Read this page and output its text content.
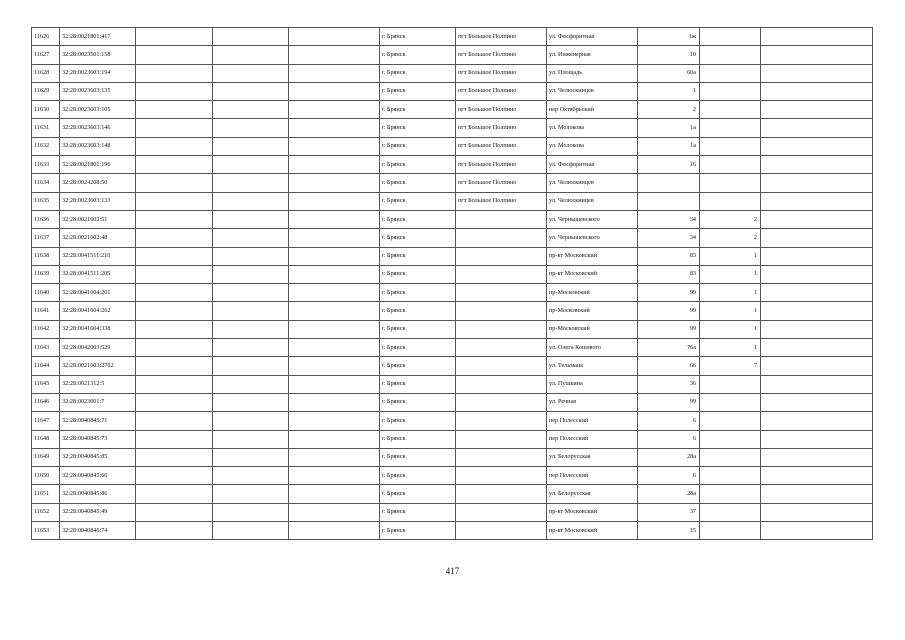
11626	32:28:0021801:417				г. Брянск	пгт Большое Полпино	ул. Фосфоритная	1ж		
11627	32:28:0023501:158				г. Брянск	пгт Большое Полпино	ул. Инженерная	10		
11628	32:28:0023603:194				г. Брянск	пгт Большое Полпино	ул. Площадь	60а		
11629	32:28:0023603:135				г. Брянск	пгт Большое Полпино	ул. Челюскинцев	1		
11630	32:28:0023603:105				г. Брянск	пгт Большое Полпино	пер Октябрьский	2		
11631	32:28:0023603:146				г. Брянск	пгт Большое Полпино	ул. Молокова	1а		
11632	32:28:0023603:148				г. Брянск	пгт Большое Полпино	ул. Молокова	1а		
11633	32:28:0021801:196				г. Брянск	пгт Большое Полпино	ул. Фосфоритная	16		
11634	32:28:0024208:50				г. Брянск	пгт Большое Полпино	ул. Челюскинцев			
11635	32:28:0023603:133				г. Брянск	пгт Большое Полпино	ул. Челюскинцев			
11636	32:28:0021602:51				г. Брянск		ул. Чернышевского	34	2	
11637	32:28:0021602:48				г. Брянск		ул. Чернышевского	34	2	
11638	32:28:0041511:210				г. Брянск		пр-кт Московский	83	1	
11639	32:28:0041511:205				г. Брянск		пр-кт Московский	83	1	
11640	32:28:0041604:261				г. Брянск		пр-Московский	99	1	
11641	32:28:0041604:262				г. Брянск		пр-Московский	99	1	
11642	32:28:0041604:338				г. Брянск		пр-Московский	99	1	
11643	32:28:0042003:529				г. Брянск		ул. Олега Кошевого	76а	1	
11644	32:28:0021603:2762				г. Брянск		ул. Тельмана	66	7	
11645	32:28:0021312:5				г. Брянск		ул. Пушкина	36		
11646	32:28:0023001:7				г. Брянск		ул. Речная	99		
11647	32:28:0040845:71				г. Брянск		пер Полесский	6		
11648	32:28:0040845:73				г. Брянск		пер Полесский	6		
11649	32:28:0040845:85				г. Брянск		ул. Белорусская	28а		
11650	32:28:0040845:66				г. Брянск		пер Полесский	6		
11651	32:28:0040845:86				г. Брянск		ул. Белорусская	28а		
11652	32:28:0040845:49				г. Брянск		пр-кт Московский	37		
11653	32:28:0040846:74				г. Брянск		пр-кт Московский	15		
417
